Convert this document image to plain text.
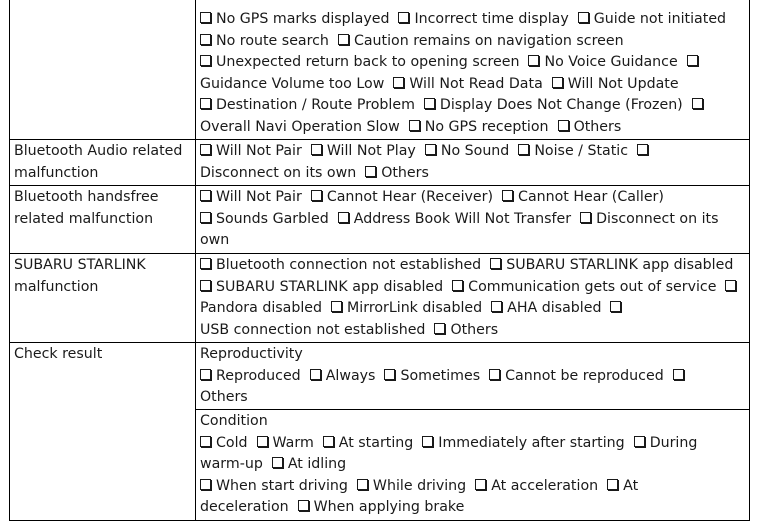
No GPS marks displayed Incorrect time display Guide not initiated
No route search Caution remains on navigation screen
Unexpected return back to opening screen No Voice Guidance
Guidance Volume too Low Will Not Read Data Will Not Update
Destination / Route Problem Display Does Not Change (Frozen)
Overall Navi Operation Slow No GPS reception Others
Bluetooth Audio related malfunction
Will Not Pair Will Not Play No Sound Noise / Static
Disconnect on its own Others
Bluetooth handsfree related malfunction
Will Not Pair Cannot Hear (Receiver) Cannot Hear (Caller)
Sounds Garbled Address Book Will Not Transfer Disconnect on its own
SUBARU STARLINK malfunction
Bluetooth connection not established SUBARU STARLINK app disabled
SUBARU STARLINK app disabled Communication gets out of service
Pandora disabled MirrorLink disabled AHA disabled
USB connection not established Others
Check result	Reproductivity
Reproduced Always Sometimes Cannot be reproduced
Others
Condition
Cold Warm At starting Immediately after starting During
warm-up At idling
When start driving While driving At acceleration At
deceleration When applying brake
